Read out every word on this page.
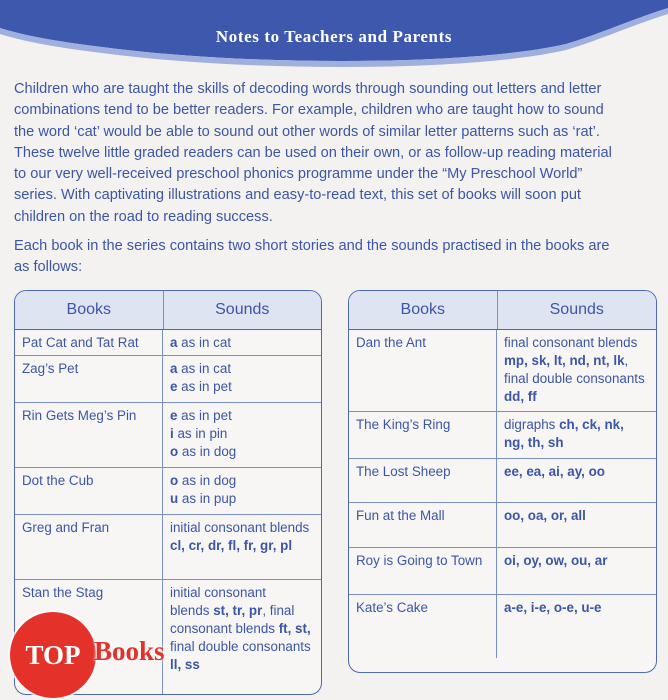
Notes to Teachers and Parents

Children who are taught the skills of decoding words through sounding out letters and letter
combinations tend to be better readers. For example, children who are taught how to sound
the word ‘cat’ would be able to sound out other words of similar letter patterns such as ‘rat’.
These twelve little graded readers can be used on their own, or as follow-up reading material
to our very well-received preschool phonics programme under the “My Preschool World”
series. With captivating illustrations and easy-to-read text, this set of books will soon put
children on the road to reading success.

Each book in the series contains two short stories and the sounds practised in the books are
as follows:

Books	Sounds
Pat Cat and Tat Rat	a as in cat
Zag’s Pet	a as in cat
e as in pet
Rin Gets Meg’s Pin	e as in pet
i as in pin
o as in dog
Dot the Cub	o as in dog
u as in pup
Greg and Fran	initial consonant blends
cl, cr, dr, fl, fr, gr, pl
Stan the Stag	initial consonant
blends st, tr, pr, final
consonant blends ft, st,
final double consonants
ll, ss
Books	Sounds
Dan the Ant	final consonant blends
mp, sk, lt, nd, nt, lk,
final double consonants
dd, ff
The King’s Ring	digraphs ch, ck, nk,
ng, th, sh
The Lost Sheep	ee, ea, ai, ay, oo
Fun at the Mall	oo, oa, or, all
Roy is Going to Town	oi, oy, ow, ou, ar
Kate’s Cake	a-e, i-e, o-e, u-e
TOP Books
